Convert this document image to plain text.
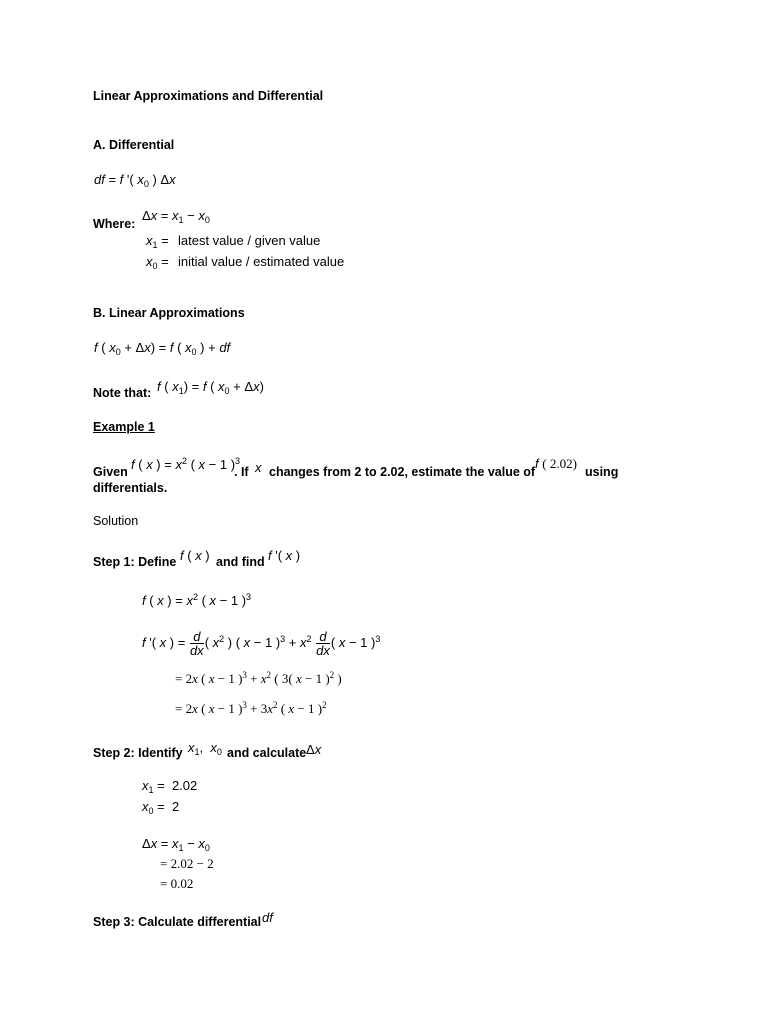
Linear Approximations and Differential
A. Differential
df = f '( $x_0$ ) Δx
Where:
$\Delta x = x_1 - x_0$
$x_1$ = latest value / given value
$x_0$ = initial value / estimated value
B. Linear Approximations
f ( $x_0 + \Delta x) = f$ ( $x_0$ ) + df
Note that: f ( $x_1) = f$ ( $x_0 + \Delta x$)
Example 1
Given f ( x ) = $x^2$ ( x − 1 )$^3$
. If x changes from 2 to 2.02, estimate the value of
f ( 2.02)
using
differentials.
Solution
Step 1: Define f ( x ) and find f '( x )
f ( x ) = $x^2$ ( x − 1 )$^3$
f '( x ) = $\frac{d}{dx}$ ( $x^2$ ) ( x − 1 )$^3 + x^2 \frac{d}{dx}$ ( x − 1 )$^3$
= 2x ( x − 1 )$^3 + x^2$ ( 3( x − 1 )$^2$ )
= 2x ( x − 1 )$^3 + 3x^2$ ( x − 1 )$^2$
Step 2: Identify $x_1$,  $x_0$ and calculate Δx
$x_1 = 2.02$
$x_0 = 2$
$\Delta x = x_1 - x_0$
= 2.02 − 2
= 0.02
Step 3: Calculate differential df
